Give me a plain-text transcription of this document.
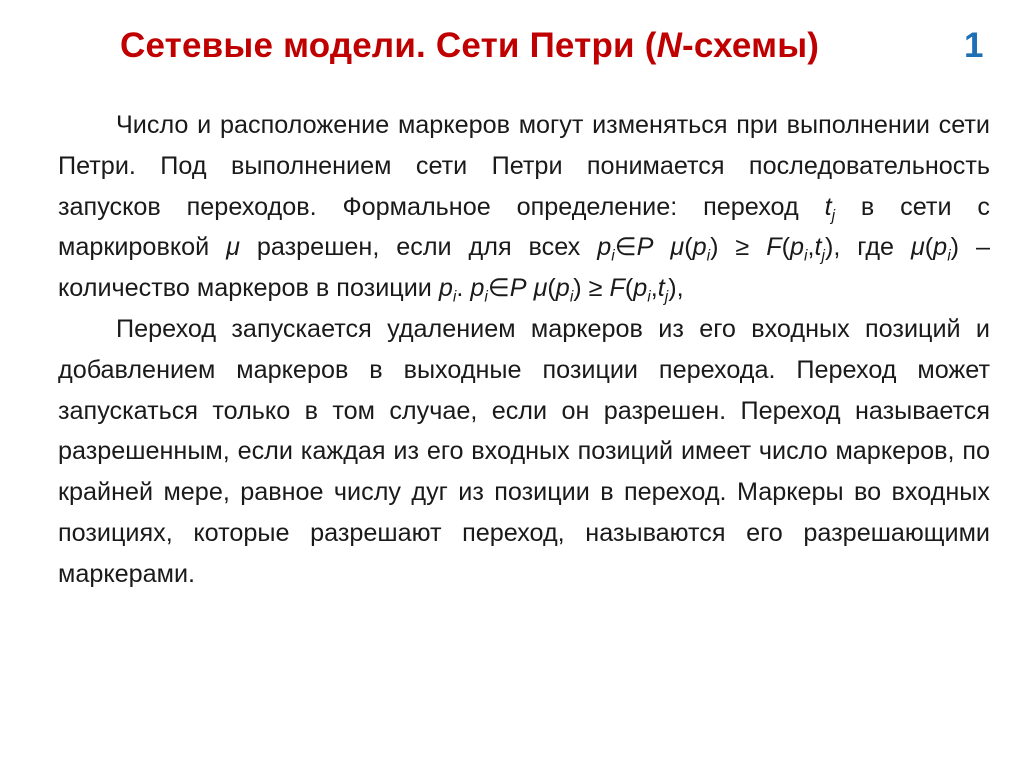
Сетевые модели. Сети Петри (N-схемы)	1

Число и расположение маркеров могут изменяться при выполнении сети Петри. Под выполнением сети Петри понимается последовательность запусков переходов. Формальное определение: переход $t_j$ в сети с маркировкой μ разрешен, если для всех $p_i\in P$ $\mu(p_i) \ge F(p_i,t_j)$, где $\mu(p_i)$ – количество маркеров в позиции $p_i$. $p_i\in P$ $\mu(p_i) \ge F(p_i,t_j)$,

Переход запускается удалением маркеров из его входных позиций и добавлением маркеров в выходные позиции перехода. Переход может запускаться только в том случае, если он разрешен. Переход называется разрешенным, если каждая из его входных позиций имеет число маркеров, по крайней мере, равное числу дуг из позиции в переход. Маркеры во входных позициях, которые разрешают переход, называются его разрешающими маркерами.
